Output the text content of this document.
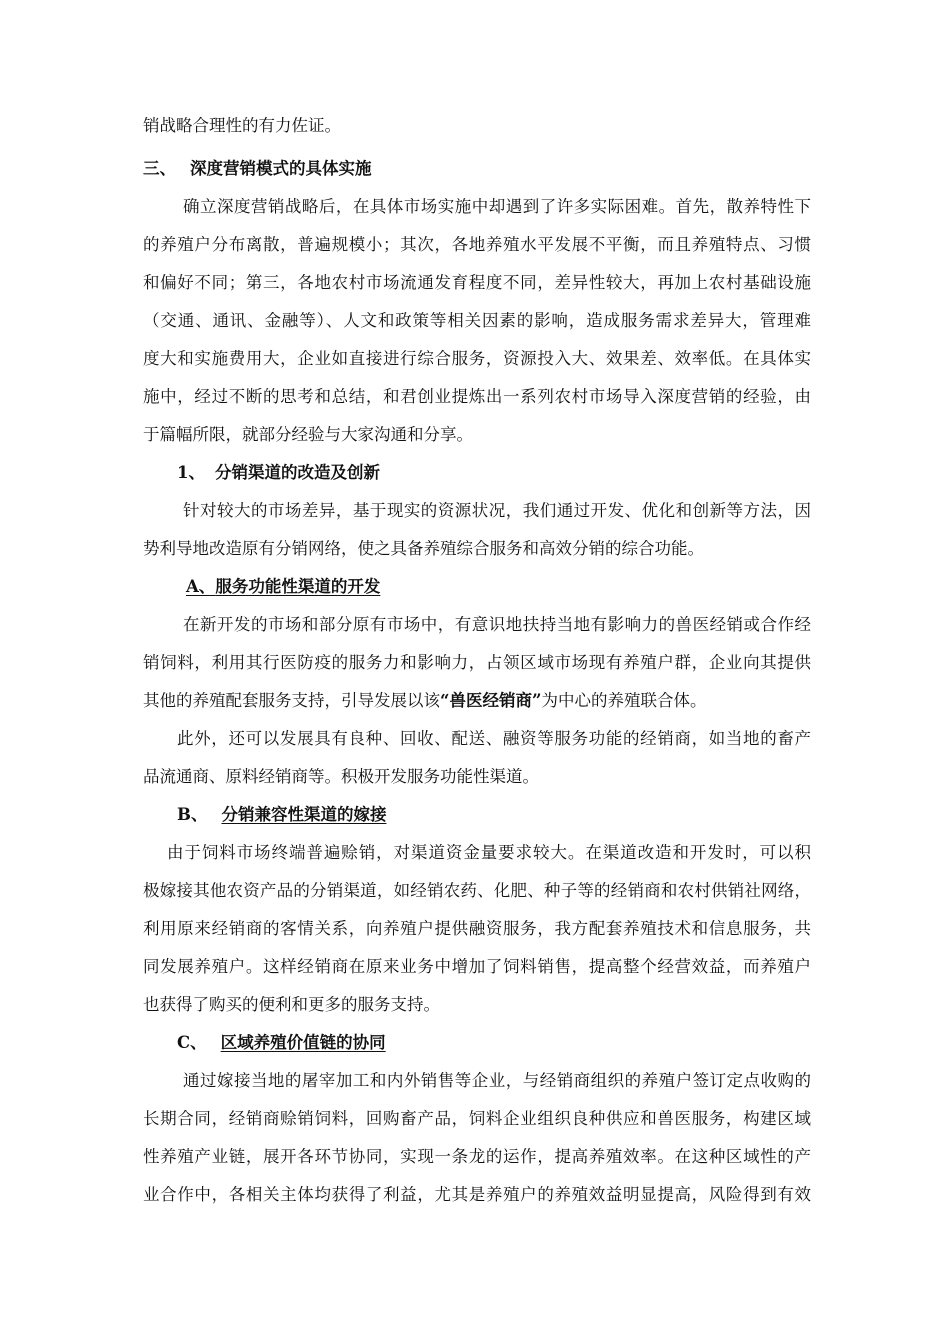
销战略合理性的有力佐证。
三、 深度营销模式的具体实施
确立深度营销战略后，在具体市场实施中却遇到了许多实际困难。首先，散养特性下
的养殖户分布离散，普遍规模小；其次，各地养殖水平发展不平衡，而且养殖特点、习惯
和偏好不同；第三，各地农村市场流通发育程度不同，差异性较大，再加上农村基础设施
（交通、通讯、金融等）、人文和政策等相关因素的影响，造成服务需求差异大，管理难
度大和实施费用大，企业如直接进行综合服务，资源投入大、效果差、效率低。在具体实
施中，经过不断的思考和总结，和君创业提炼出一系列农村市场导入深度营销的经验，由
于篇幅所限，就部分经验与大家沟通和分享。
1、 分销渠道的改造及创新
针对较大的市场差异，基于现实的资源状况，我们通过开发、优化和创新等方法，因
势利导地改造原有分销网络，使之具备养殖综合服务和高效分销的综合功能。
A、服务功能性渠道的开发
在新开发的市场和部分原有市场中，有意识地扶持当地有影响力的兽医经销或合作经
销饲料，利用其行医防疫的服务力和影响力，占领区域市场现有养殖户群，企业向其提供
其他的养殖配套服务支持，引导发展以该“兽医经销商”为中心的养殖联合体。
此外，还可以发展具有良种、回收、配送、融资等服务功能的经销商，如当地的畜产
品流通商、原料经销商等。积极开发服务功能性渠道。
B、 分销兼容性渠道的嫁接
由于饲料市场终端普遍赊销，对渠道资金量要求较大。在渠道改造和开发时，可以积
极嫁接其他农资产品的分销渠道，如经销农药、化肥、种子等的经销商和农村供销社网络，
利用原来经销商的客情关系，向养殖户提供融资服务，我方配套养殖技术和信息服务，共
同发展养殖户。这样经销商在原来业务中增加了饲料销售，提高整个经营效益，而养殖户
也获得了购买的便利和更多的服务支持。
C、 区域养殖价值链的协同
通过嫁接当地的屠宰加工和内外销售等企业，与经销商组织的养殖户签订定点收购的
长期合同，经销商赊销饲料，回购畜产品，饲料企业组织良种供应和兽医服务，构建区域
性养殖产业链，展开各环节协同，实现一条龙的运作，提高养殖效率。在这种区域性的产
业合作中，各相关主体均获得了利益，尤其是养殖户的养殖效益明显提高，风险得到有效
